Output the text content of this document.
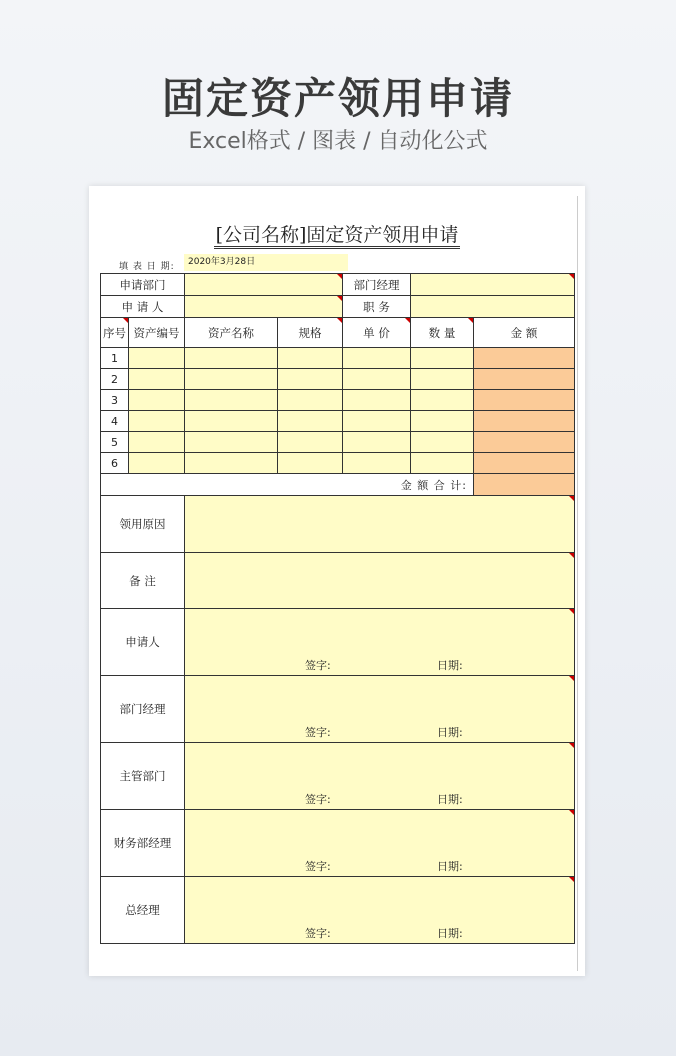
固定资产领用申请
Excel格式 / 图表 / 自动化公式
[公司名称]固定资产领用申请
填 表 日 期:	2020年3月28日
申请部门				部门经理		
申 请 人				职 务		
序号	资产编号	资产名称	规格	单 价	数 量	金 额
1						
2						
3						
4						
5						
6						
金 额 合 计:						
领用原因						
备 注						
申请人		签字: 日期:				

部门经理		签字: 日期:				

主管部门		签字: 日期:				

财务部经理		签字: 日期:				

总经理		签字: 日期:				
